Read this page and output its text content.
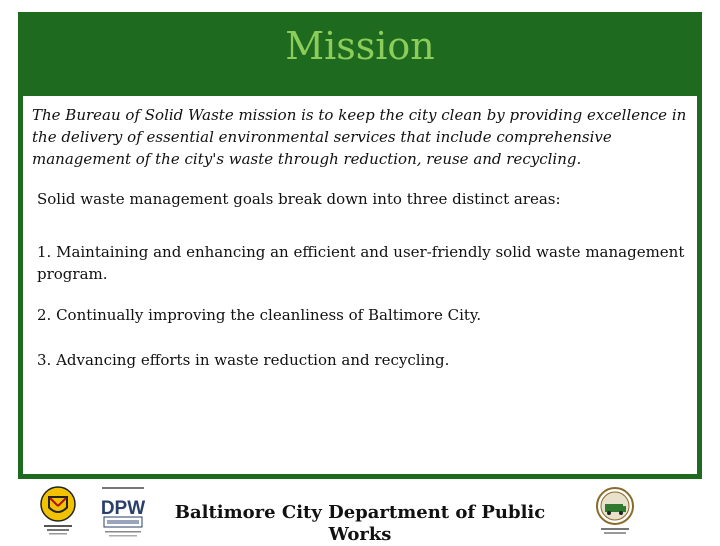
Mission

The Bureau of Solid Waste mission is to keep the city clean by providing excellence in the delivery of essential environmental services that include comprehensive management of the city's waste through reduction, reuse and recycling.

Solid waste management goals break down into three distinct areas:

1. Maintaining and enhancing an efficient and user-friendly solid waste management program.

2. Continually improving the cleanliness of Baltimore City.

3. Advancing efforts in waste reduction and recycling.

DPW	Baltimore City Department of Public Works
